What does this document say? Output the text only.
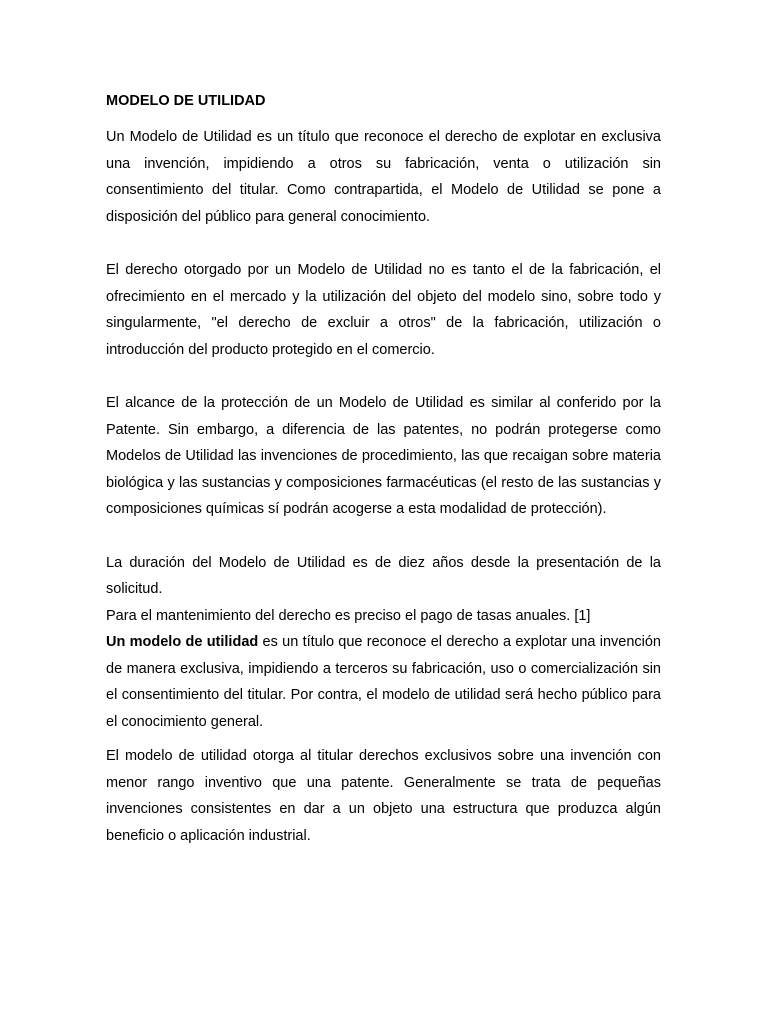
MODELO DE UTILIDAD

Un Modelo de Utilidad es un título que reconoce el derecho de explotar en exclusiva una invención, impidiendo a otros su fabricación, venta o utilización sin consentimiento del titular. Como contrapartida, el Modelo de Utilidad se pone a disposición del público para general conocimiento.

El derecho otorgado por un Modelo de Utilidad no es tanto el de la fabricación, el ofrecimiento en el mercado y la utilización del objeto del modelo sino, sobre todo y singularmente, "el derecho de excluir a otros" de la fabricación, utilización o introducción del producto protegido en el comercio.

El alcance de la protección de un Modelo de Utilidad es similar al conferido por la Patente. Sin embargo, a diferencia de las patentes, no podrán protegerse como Modelos de Utilidad las invenciones de procedimiento, las que recaigan sobre materia biológica y las sustancias y composiciones farmacéuticas (el resto de las sustancias y composiciones químicas sí podrán acogerse a esta modalidad de protección).

La duración del Modelo de Utilidad es de diez años desde la presentación de la solicitud.

Para el mantenimiento del derecho es preciso el pago de tasas anuales. [1]

Un modelo de utilidad es un título que reconoce el derecho a explotar una invención de manera exclusiva, impidiendo a terceros su fabricación, uso o comercialización sin el consentimiento del titular. Por contra, el modelo de utilidad será hecho público para el conocimiento general.

El modelo de utilidad otorga al titular derechos exclusivos sobre una invención con menor rango inventivo que una patente. Generalmente se trata de pequeñas invenciones consistentes en dar a un objeto una estructura que produzca algún beneficio o aplicación industrial.
